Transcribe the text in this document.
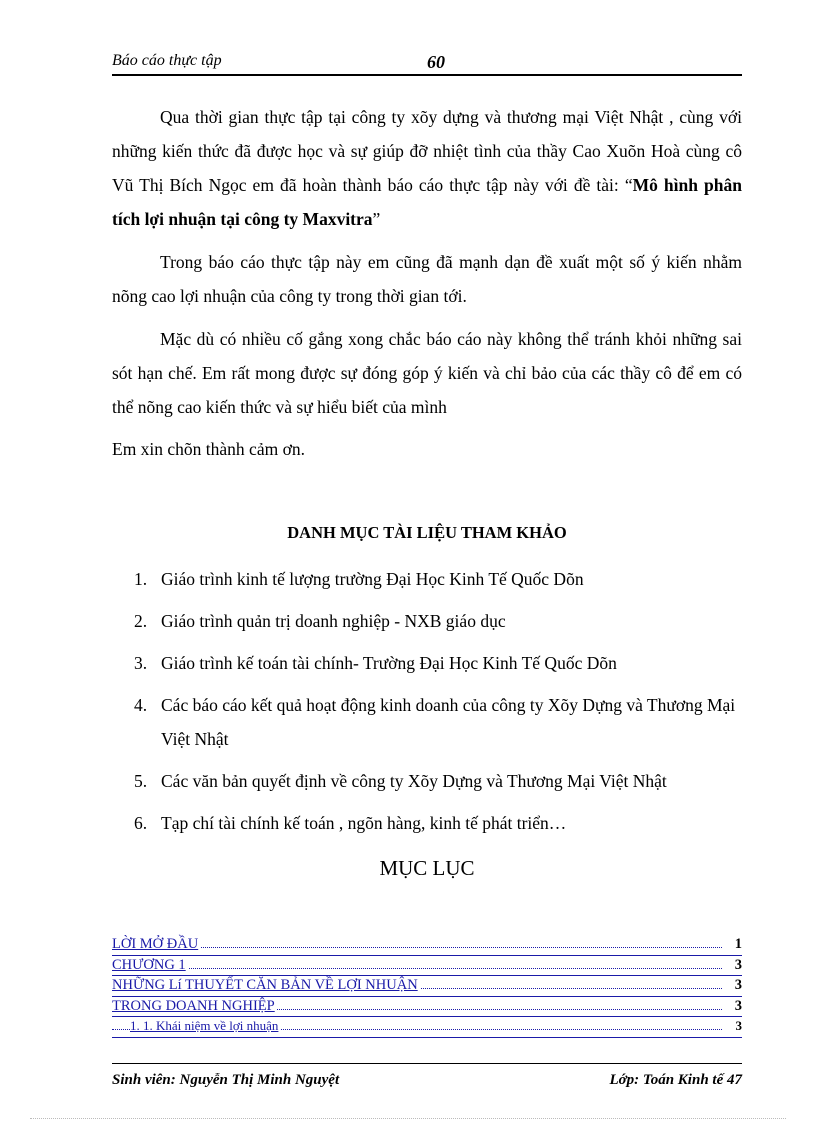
Báo cáo thực tập	60
Qua thời gian thực tập tại công ty xõy dựng và thương mại Việt Nhật , cùng với những kiến thức đã được học và sự giúp đỡ nhiệt tình của thầy Cao Xuõn Hoà cùng cô Vũ Thị Bích Ngọc em đã hoàn thành báo cáo thực tập này với đề tài: “Mô hình phân tích lợi nhuận tại công ty Maxvitra”
Trong báo cáo thực tập này em cũng đã mạnh dạn đề xuất một số ý kiến nhằm nõng cao lợi nhuận của công ty trong thời gian tới.
Mặc dù có nhiều cố gắng xong chắc báo cáo này không thể tránh khỏi những sai sót hạn chế. Em rất mong được sự đóng góp ý kiến và chỉ bảo của các thầy cô để em có thể nõng cao kiến thức và sự hiểu biết của mình
Em xin chõn thành cảm ơn.
DANH MỤC TÀI LIỆU THAM KHẢO
1. Giáo trình kinh tế lượng trường Đại Học Kinh Tế Quốc Dõn
2. Giáo trình quản trị doanh nghiệp - NXB giáo dục
3. Giáo trình kế toán tài chính- Trường Đại Học Kinh Tế Quốc Dõn
4. Các báo cáo kết quả hoạt động kinh doanh của công ty Xõy Dựng và Thương Mại Việt Nhật
5. Các văn bản quyết định về công ty Xõy Dựng và Thương Mại Việt Nhật
6. Tạp chí tài chính kế toán , ngõn hàng, kinh tế phát triển…
MỤC LỤC
LỜI MỞ ĐẦU	1
CHƯƠNG 1	3
NHỮNG Lí THUYẾT CĂN BẢN VỀ LỢI NHUẬN	3
TRONG DOANH NGHIỆP	3
1. 1. Khái niệm về lợi nhuận	3
Sinh viên: Nguyễn Thị Minh Nguyệt	Lớp: Toán Kinh tế 47
